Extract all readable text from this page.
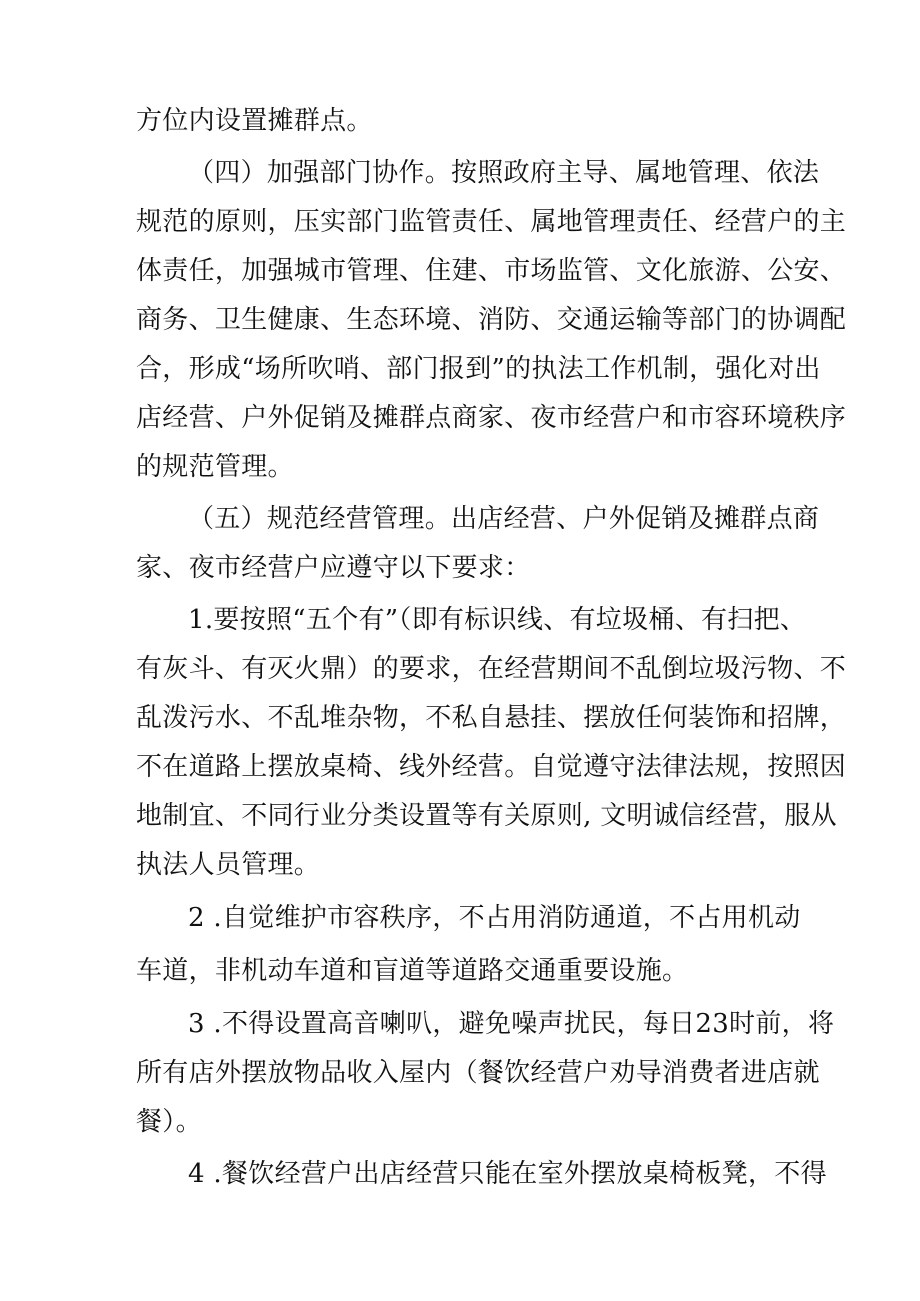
方位内设置摊群点。
（四）加强部门协作。按照政府主导、属地管理、依法
规范的原则，压实部门监管责任、属地管理责任、经营户的主
体责任，加强城市管理、住建、市场监管、文化旅游、公安、
商务、卫生健康、生态环境、消防、交通运输等部门的协调配
合，形成“场所吹哨、部门报到”的执法工作机制，强化对出
店经营、户外促销及摊群点商家、夜市经营户和市容环境秩序
的规范管理。
（五）规范经营管理。出店经营、户外促销及摊群点商
家、夜市经营户应遵守以下要求：
1.要按照“五个有”（即有标识线、有垃圾桶、有扫把、
有灰斗、有灭火鼎）的要求，在经营期间不乱倒垃圾污物、不
乱泼污水、不乱堆杂物，不私自悬挂、摆放任何装饰和招牌，
不在道路上摆放桌椅、线外经营。自觉遵守法律法规，按照因
地制宜、不同行业分类设置等有关原则, 文明诚信经营，服从
执法人员管理。
2 .自觉维护市容秩序，不占用消防通道，不占用机动
车道，非机动车道和盲道等道路交通重要设施。
3 .不得设置高音喇叭，避免噪声扰民，每日23时前，将
所有店外摆放物品收入屋内（餐饮经营户劝导消费者进店就
餐）。
4 .餐饮经营户出店经营只能在室外摆放桌椅板凳，不得
